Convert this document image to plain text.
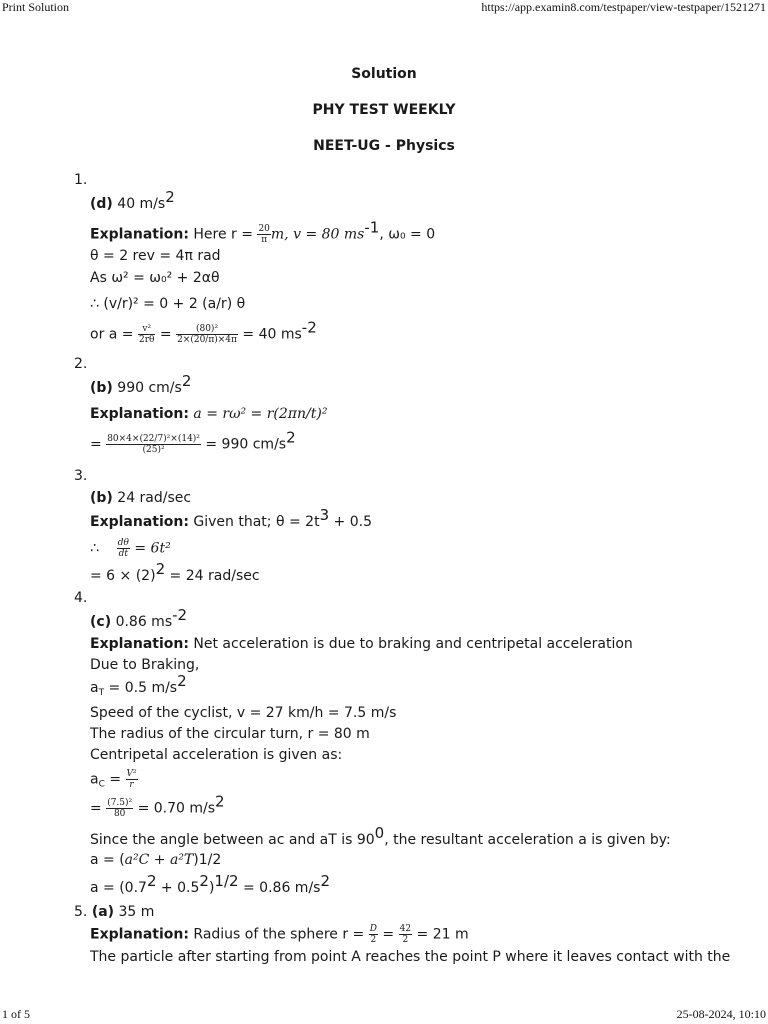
Print Solution	https://app.examin8.com/testpaper/view-testpaper/1521271
Solution
PHY TEST WEEKLY
NEET-UG - Physics
1.
(d) 40 $m/s^2$
Explanation: Here $r = \frac{20}{\pi} m$, v = 80 $ms^{-1}$, ω₀ = 0
θ = 2 rev = 4π rad
As ω² = ω₀² + 2αθ
∴ (v/r)² = 0 + 2 (a/r) θ
or $a = \frac{\text{v²}}{2r\theta} = \frac{\text{(80)²}}{2\times(20/\pi)\times 4\pi} = 40$ $ms^{-2}$
2.
(b) 990 $cm/s^2$
Explanation: a = rω² = r(2πn/t)²
= $\frac{\text{80×4×(22/7)²×(14)²}}{\text{(25)²}} = 990$ $cm/s^2$
3.
(b) 24 rad/sec
Explanation: Given that; $\theta = 2t^3 + 0.5$
∴ $\frac{d\theta}{dt} = 6t^2$
= $6 \times (2)^2 = 24$ rad/sec
4.
(c) 0.86 $ms^{-2}$
Explanation: Net acceleration is due to braking and centripetal acceleration
Due to Braking,
$a_T = 0.5$ $m/s^2$
Speed of the cyclist, v = 27 km/h = 7.5 m/s
The radius of the circular turn, r = 80 m
Centripetal acceleration is given as:
$a_C = \frac{\text{V²}}{r}$
= $\frac{\text{(7.5)²}}{80} = 0.70$ $m/s^2$
Since the angle between ac and aT is $90^0$, the resultant acceleration a is given by:
a = (a²C + a²T)1/2
$a = (0.7^2 + 0.5^2)^{1/2} = 0.86$ $m/s^2$
5. (a) 35 m
Explanation: Radius of the sphere $r = \frac{D}{2} = \frac{42}{2} = 21$ m
The particle after starting from point A reaches the point P where it leaves contact with the
1 of 5	25-08-2024, 10:10
